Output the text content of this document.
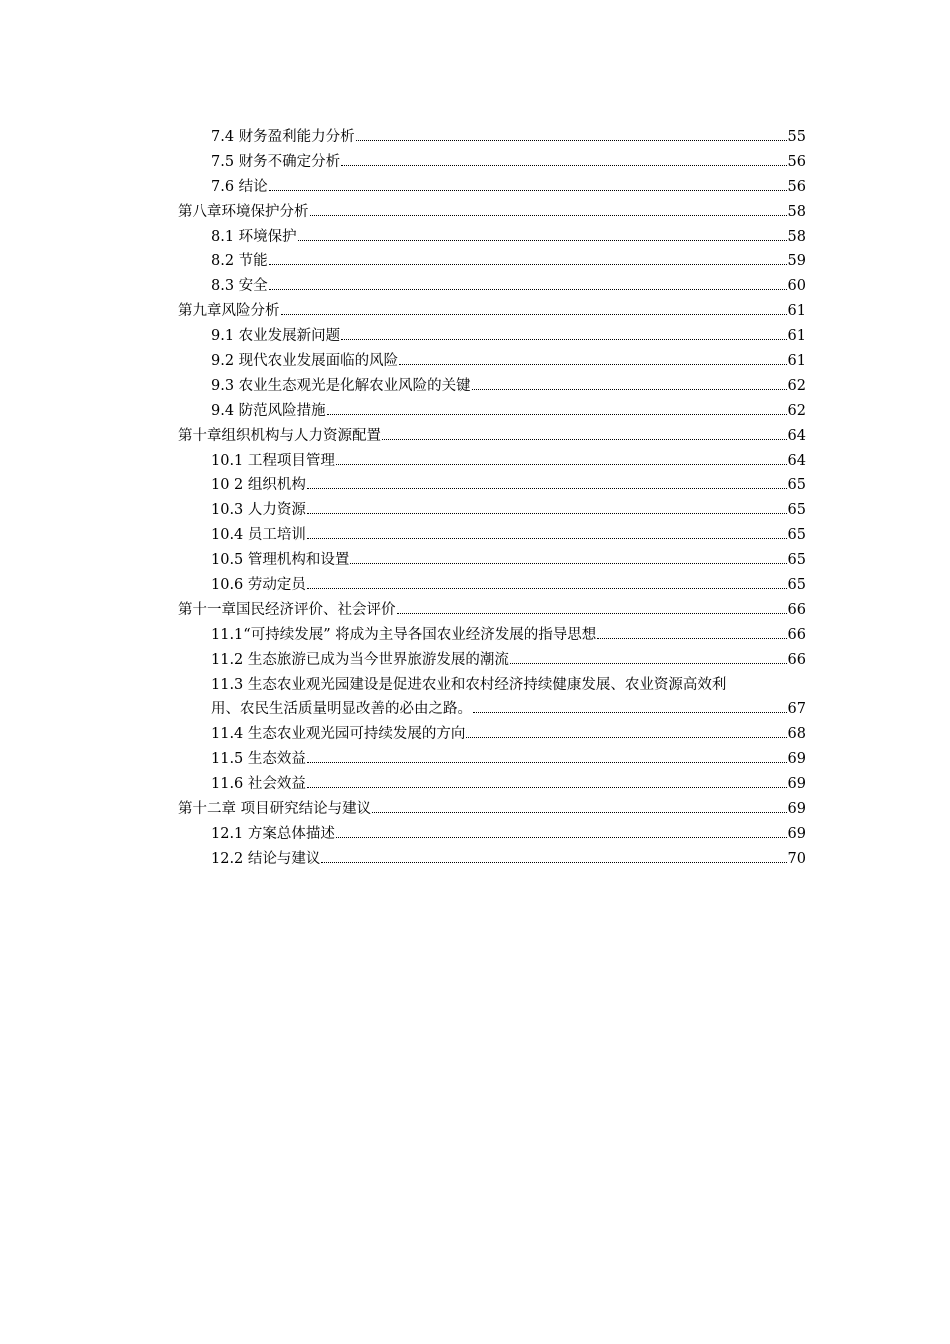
7.4 财务盈利能力分析	55
7.5 财务不确定分析	56
7.6 结论	56
第八章环境保护分析	58
8.1 环境保护	58
8.2 节能	59
8.3 安全	60
第九章风险分析	61
9.1 农业发展新问题	61
9.2 现代农业发展面临的风险	61
9.3 农业生态观光是化解农业风险的关键	62
9.4 防范风险措施	62
第十章组织机构与人力资源配置	64
10.1 工程项目管理	64
10 2 组织机构	65
10.3 人力资源	65
10.4 员工培训	65
10.5 管理机构和设置	65
10.6 劳动定员	65
第十一章国民经济评价、社会评价	66
11.1“可持续发展” 将成为主导各国农业经济发展的指导思想	66
11.2 生态旅游已成为当今世界旅游发展的潮流	66
11.3 生态农业观光园建设是促进农业和农村经济持续健康发展、农业资源高效利
用、农民生活质量明显改善的必由之路。	67
11.4 生态农业观光园可持续发展的方向	68
11.5 生态效益	69
11.6 社会效益	69
第十二章 项目研究结论与建议	69
12.1 方案总体描述	69
12.2 结论与建议	70
